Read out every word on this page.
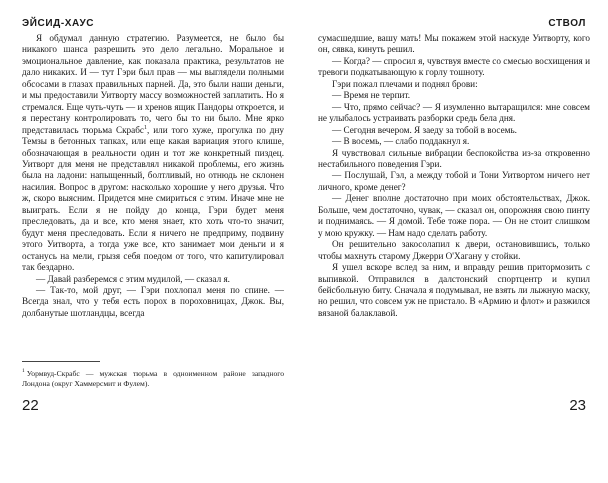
ЭЙСИД-ХАУС

Я обдумал данную стратегию. Разумеется, не было бы никакого шанса разрешить это дело легально. Моральное и эмоциональное давление, как показала практика, результатов не дало никаких. И — тут Гэри был прав — мы выглядели полными обсосами в глазах правильных парней. Да, это были наши деньги, и мы предоставили Уитворту массу возможностей заплатить. Но я стремался. Еще чуть-чуть — и хренов ящик Пандоры откроется, и я перестану контролировать то, чего бы то ни было. Мне ярко представилась тюрьма Скрабс$^1$, или того хуже, прогулка по дну Темзы в бетонных тапках, или еще какая вариация этого клише, обозначающая в реальности один и тот же конкретный пиздец. Уитворт для меня не представлял никакой проблемы, его жизнь была на ладони: напыщенный, болтливый, но отнюдь не склонен насилия. Вопрос в другом: насколько хорошие у него друзья. Что ж, скоро выясним. Придется мне смириться с этим. Иначе мне не выиграть. Если я не пойду до конца, Гэри будет меня преследовать, да и все, кто меня знает, кто хоть что-то значит, будут меня преследовать. Если я ничего не предприму, подвину этого Уитворта, а тогда уже все, кто занимает мои деньги и я останусь на мели, грызя себя поедом от того, что капитулировал так бездарно.

— Давай разберемся с этим мудилой, — сказал я.

— Так-то, мой друг, — Гэри похлопал меня по спине. — Всегда знал, что у тебя есть порох в пороховницах, Джок. Вы, долбанутые шотландцы, всегда

$^1$ Уормвуд-Скрабс — мужская тюрьма в одноименном районе западного Лондона (округ Хаммерсмит и Фулем).
22
СТВОЛ

сумасшедшие, вашу мать! Мы покажем этой наскуде Уитворту, кого он, сявка, кинуть решил.

— Когда? — спросил я, чувствуя вместе со смесью восхищения и тревоги подкатывающую к горлу тошноту.

Гэри пожал плечами и поднял брови:

— Время не терпит.

— Что, прямо сейчас? — Я изумленно вытаращился: мне совсем не улыбалось устраивать разборки средь бела дня.

— Сегодня вечером. Я заеду за тобой в восемь.

— В восемь, — слабо поддакнул я.

Я чувствовал сильные вибрации беспокойства из-за откровенно нестабильного поведения Гэри.

— Послушай, Гэл, а между тобой и Тони Уитвортом ничего нет личного, кроме денег?

— Денег вполне достаточно при моих обстоятельствах, Джок. Больше, чем достаточно, чувак, — сказал он, опорожняя свою пинту и поднимаясь. — Я домой. Тебе тоже пора. — Он не стоит слишком у мою кружку. — Нам надо сделать работу.

Он решительно закосолапил к двери, остановившись, только чтобы махнуть старому Джерри О'Хагану у стойки.

Я ушел вскоре вслед за ним, и вправду решив притормозить с выпивкой. Отправился в далстонский спортцентр и купил бейсбольную биту. Сначала я подумывал, не взять ли лыжную маску, но решил, что совсем уж не пристало. В «Армию и флот» и разжился вязаной балаклавой.

23
